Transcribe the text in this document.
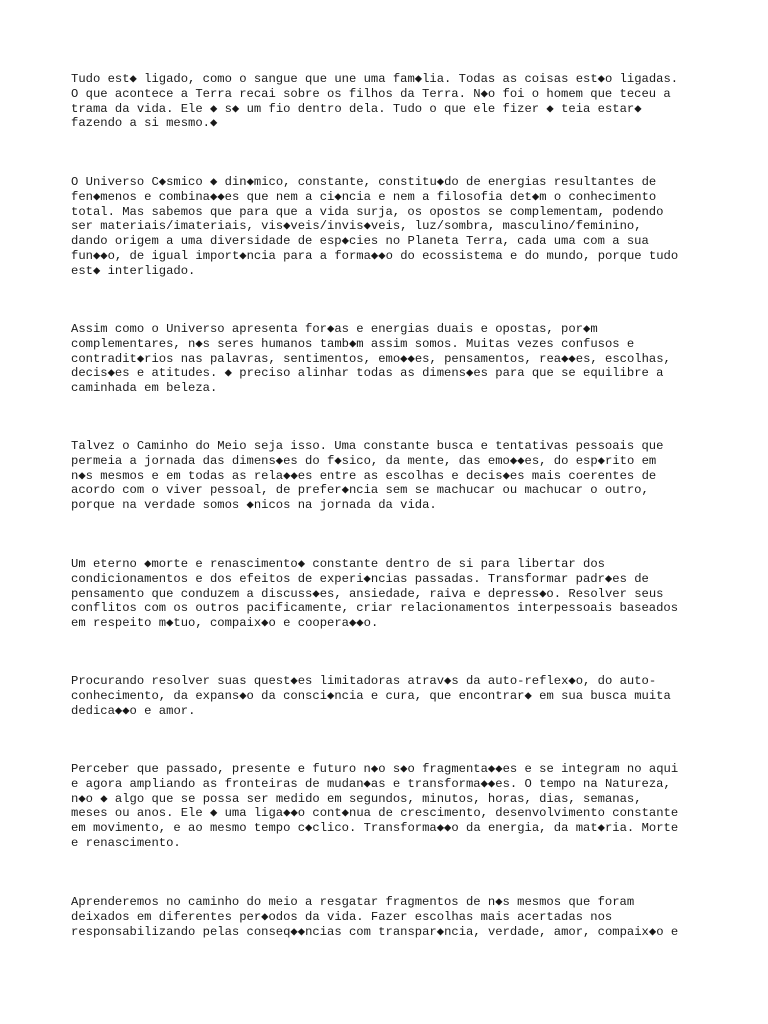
Tudo est◆ ligado, como o sangue que une uma fam◆lia. Todas as coisas est◆o ligadas.
O que acontece a Terra recai sobre os filhos da Terra. N◆o foi o homem que teceu a
trama da vida. Ele ◆ s◆ um fio dentro dela. Tudo o que ele fizer ◆ teia estar◆
fazendo a si mesmo.◆

O Universo C◆smico ◆ din◆mico, constante, constitu◆do de energias resultantes de
fen◆menos e combina◆◆es que nem a ci◆ncia e nem a filosofia det◆m o conhecimento
total. Mas sabemos que para que a vida surja, os opostos se complementam, podendo
ser materiais/imateriais, vis◆veis/invis◆veis, luz/sombra, masculino/feminino,
dando origem a uma diversidade de esp◆cies no Planeta Terra, cada uma com a sua
fun◆◆o, de igual import◆ncia para a forma◆◆o do ecossistema e do mundo, porque tudo
est◆ interligado.

Assim como o Universo apresenta for◆as e energias duais e opostas, por◆m
complementares, n◆s seres humanos tamb◆m assim somos. Muitas vezes confusos e
contradit◆rios nas palavras, sentimentos, emo◆◆es, pensamentos, rea◆◆es, escolhas,
decis◆es e atitudes. ◆ preciso alinhar todas as dimens◆es para que se equilibre a
caminhada em beleza.

Talvez o Caminho do Meio seja isso. Uma constante busca e tentativas pessoais que
permeia a jornada das dimens◆es do f◆sico, da mente, das emo◆◆es, do esp◆rito em
n◆s mesmos e em todas as rela◆◆es entre as escolhas e decis◆es mais coerentes de
acordo com o viver pessoal, de prefer◆ncia sem se machucar ou machucar o outro,
porque na verdade somos ◆nicos na jornada da vida.

Um eterno ◆morte e renascimento◆ constante dentro de si para libertar dos
condicionamentos e dos efeitos de experi◆ncias passadas. Transformar padr◆es de
pensamento que conduzem a discuss◆es, ansiedade, raiva e depress◆o. Resolver seus
conflitos com os outros pacificamente, criar relacionamentos interpessoais baseados
em respeito m◆tuo, compaix◆o e coopera◆◆o.

Procurando resolver suas quest◆es limitadoras atrav◆s da auto-reflex◆o, do auto-
conhecimento, da expans◆o da consci◆ncia e cura, que encontrar◆ em sua busca muita
dedica◆◆o e amor.

Perceber que passado, presente e futuro n◆o s◆o fragmenta◆◆es e se integram no aqui
e agora ampliando as fronteiras de mudan◆as e transforma◆◆es. O tempo na Natureza,
n◆o ◆ algo que se possa ser medido em segundos, minutos, horas, dias, semanas,
meses ou anos. Ele ◆ uma liga◆◆o cont◆nua de crescimento, desenvolvimento constante
em movimento, e ao mesmo tempo c◆clico. Transforma◆◆o da energia, da mat◆ria. Morte
e renascimento.

Aprenderemos no caminho do meio a resgatar fragmentos de n◆s mesmos que foram
deixados em diferentes per◆odos da vida. Fazer escolhas mais acertadas nos
responsabilizando pelas conseq◆◆ncias com transpar◆ncia, verdade, amor, compaix◆o e
